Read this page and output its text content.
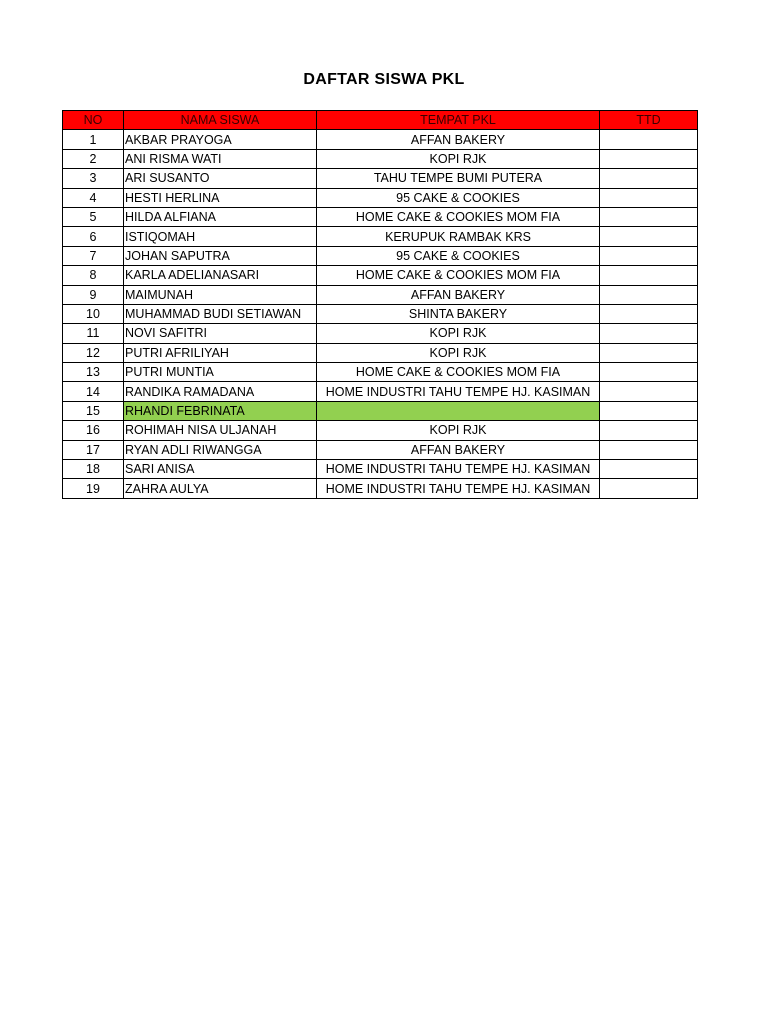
DAFTAR SISWA PKL
NO	NAMA SISWA	TEMPAT PKL	TTD
1	AKBAR PRAYOGA	AFFAN BAKERY	
2	ANI RISMA WATI	KOPI RJK	
3	ARI SUSANTO	TAHU TEMPE BUMI PUTERA	
4	HESTI HERLINA	95 CAKE & COOKIES	
5	HILDA ALFIANA	HOME CAKE & COOKIES MOM FIA	
6	ISTIQOMAH	KERUPUK RAMBAK KRS	
7	JOHAN SAPUTRA	95 CAKE & COOKIES	
8	KARLA ADELIANASARI	HOME CAKE & COOKIES MOM FIA	
9	MAIMUNAH	AFFAN BAKERY	
10	MUHAMMAD BUDI SETIAWAN	SHINTA BAKERY	
11	NOVI SAFITRI	KOPI RJK	
12	PUTRI AFRILIYAH	KOPI RJK	
13	PUTRI MUNTIA	HOME CAKE & COOKIES MOM FIA	
14	RANDIKA RAMADANA	HOME INDUSTRI TAHU TEMPE HJ. KASIMAN	
15	RHANDI FEBRINATA		
16	ROHIMAH NISA ULJANAH	KOPI RJK	
17	RYAN ADLI RIWANGGA	AFFAN BAKERY	
18	SARI ANISA	HOME INDUSTRI TAHU TEMPE HJ. KASIMAN	
19	ZAHRA AULYA	HOME INDUSTRI TAHU TEMPE HJ. KASIMAN	
